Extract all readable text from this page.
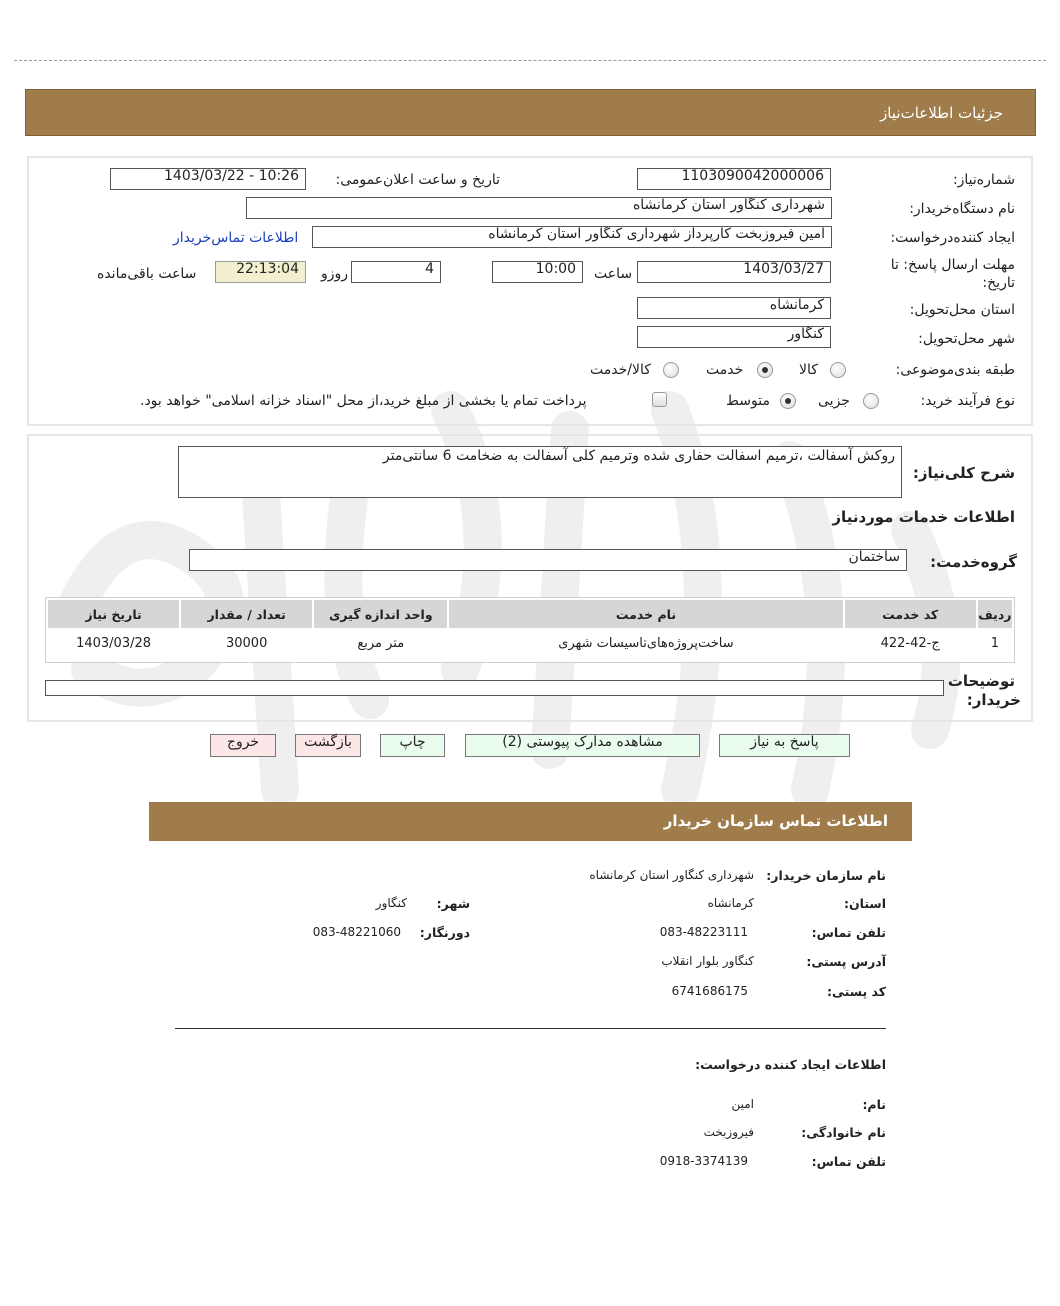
جزئیات اطلاعات‌نیاز
شماره‌نیاز:
1103090042000006
تاریخ و ساعت اعلان‌عمومی:
1403/03/22 - 10:26
نام دستگاه‌خریدار:
شهرداری کنگاور استان کرمانشاه
ایجاد کننده‌درخواست:
امین فیروزبخت کارپرداز شهرداری کنگاور استان کرمانشاه
اطلاعات تماس‌خریدار
مهلت ارسال پاسخ: تا
تاریخ:
1403/03/27
ساعت
10:00
4
روزو
22:13:04
ساعت باقی‌مانده
استان محل‌تحویل:
کرمانشاه
شهر محل‌تحویل:
کنگاور
طبقه بندی‌موضوعی:
کالا
خدمت
کالا/خدمت
نوع فرآیند خرید:
جزیی
متوسط
پرداخت تمام یا بخشی از مبلغ خرید،از محل "اسناد خزانه اسلامی" خواهد بود.
شرح کلی‌نیاز:
روکش آسفالت ،ترمیم اسفالت حفاری شده وترمیم کلی آسفالت به ضخامت 6 سانتی‌متر
اطلاعات خدمات موردنیاز
گروه‌خدمت:
ساختمان
ردیف	کد خدمت	نام خدمت	واحد اندازه گیری	تعداد / مقدار	تاریخ نیاز
1	ج-42-422	ساخت‌پروژه‌های‌تاسیسات شهری	متر مربع	30000	1403/03/28
توضیحات
خریدار:
پاسخ به نیاز
مشاهده مدارک پیوستی (2)
چاپ
بازگشت
خروج
اطلاعات تماس سازمان خریدار
نام سازمان خریدار:
شهرداری کنگاور استان کرمانشاه
استان:
کرمانشاه
شهر:
کنگاور
تلفن تماس:
083-48223111
دورنگار:
083-48221060
آدرس پستی:
کنگاور بلوار انقلاب
کد پستی:
6741686175
اطلاعات ایجاد کننده درخواست:
نام:
امین
نام خانوادگی:
فیروزبخت
تلفن تماس:
0918-3374139
